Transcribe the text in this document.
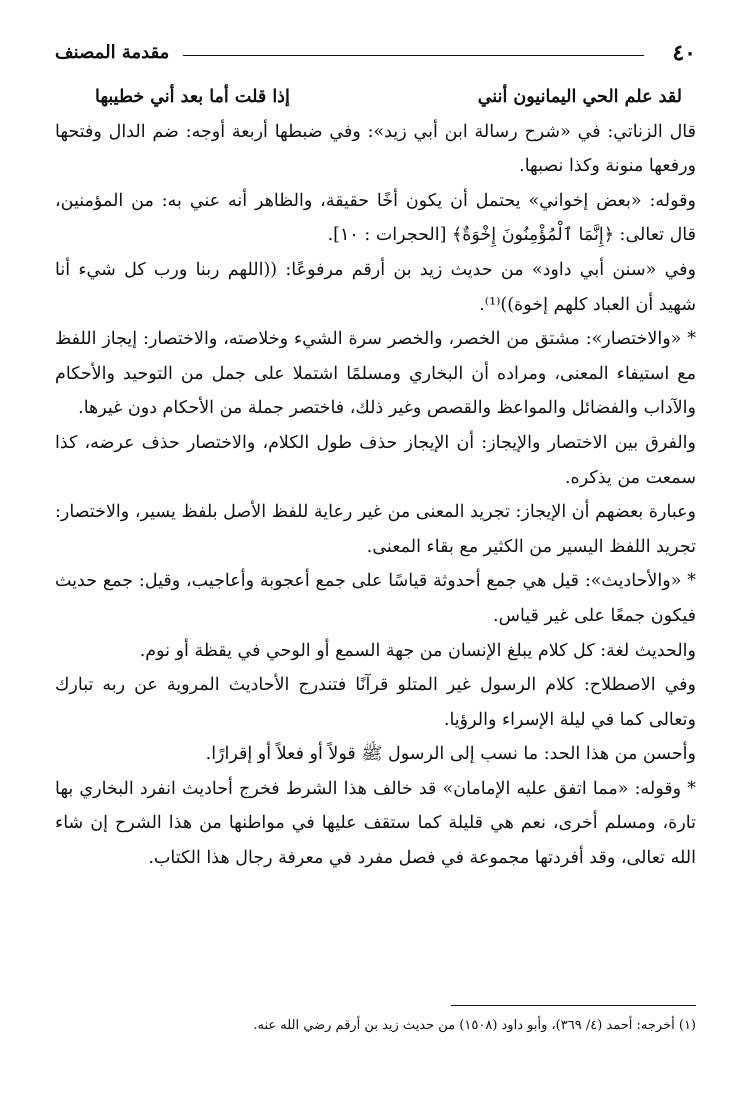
٤٠
مقدمة المصنف
لقد علم الحي اليمانيون أنني
إذا قلت أما بعد أني خطيبها

قال الزناتي: في «شرح رسالة ابن أبي زيد»: وفي ضبطها أربعة أوجه: ضم الدال وفتحها ورفعها منونة وكذا نصبها.

وقوله: «بعض إخواني» يحتمل أن يكون أخًا حقيقة، والظاهر أنه عني به: من المؤمنين، قال تعالى: ﴿إِنَّمَا ٱلْمُؤْمِنُونَ إِخْوَةٌ﴾ [الحجرات : ١٠].

وفي «سنن أبي داود» من حديث زيد بن أرقم مرفوعًا: ((اللهم ربنا ورب كل شيء أنا شهيد أن العباد كلهم إخوة))⁽¹⁾.

* «والاختصار»: مشتق من الخصر، والخصر سرة الشيء وخلاصته، والاختصار: إيجاز اللفظ مع استيفاء المعنى، ومراده أن البخاري ومسلمًا اشتملا على جمل من التوحيد والأحكام والآداب والفضائل والمواعظ والقصص وغير ذلك، فاختصر جملة من الأحكام دون غيرها.

والفرق بين الاختصار والإيجاز: أن الإيجاز حذف طول الكلام، والاختصار حذف عرضه، كذا سمعت من يذكره.

وعبارة بعضهم أن الإيجاز: تجريد المعنى من غير رعاية للفظ الأصل بلفظ يسير، والاختصار: تجريد اللفظ اليسير من الكثير مع بقاء المعنى.

* «والأحاديث»: قيل هي جمع أحدوثة قياسًا على جمع أعجوبة وأعاجيب، وقيل: جمع حديث فيكون جمعًا على غير قياس.

والحديث لغة: كل كلام يبلغ الإنسان من جهة السمع أو الوحي في يقظة أو نوم.

وفي الاصطلاح: كلام الرسول غير المتلو قرآنًا فتندرج الأحاديث المروية عن ربه تبارك وتعالى كما في ليلة الإسراء والرؤيا.

وأحسن من هذا الحد: ما نسب إلى الرسول ﷺ قولاً أو فعلاً أو إقرارًا.

* وقوله: «مما اتفق عليه الإمامان» قد خالف هذا الشرط فخرج أحاديث انفرد البخاري بها تارة، ومسلم أخرى، نعم هي قليلة كما ستقف عليها في مواطنها من هذا الشرح إن شاء الله تعالى، وقد أفردتها مجموعة في فصل مفرد في معرفة رجال هذا الكتاب.

(١) أخرجه: أحمد (٤/ ٣٦٩)، وأبو داود (١٥٠٨) من حديث زيد بن أرقم رضي الله عنه.
